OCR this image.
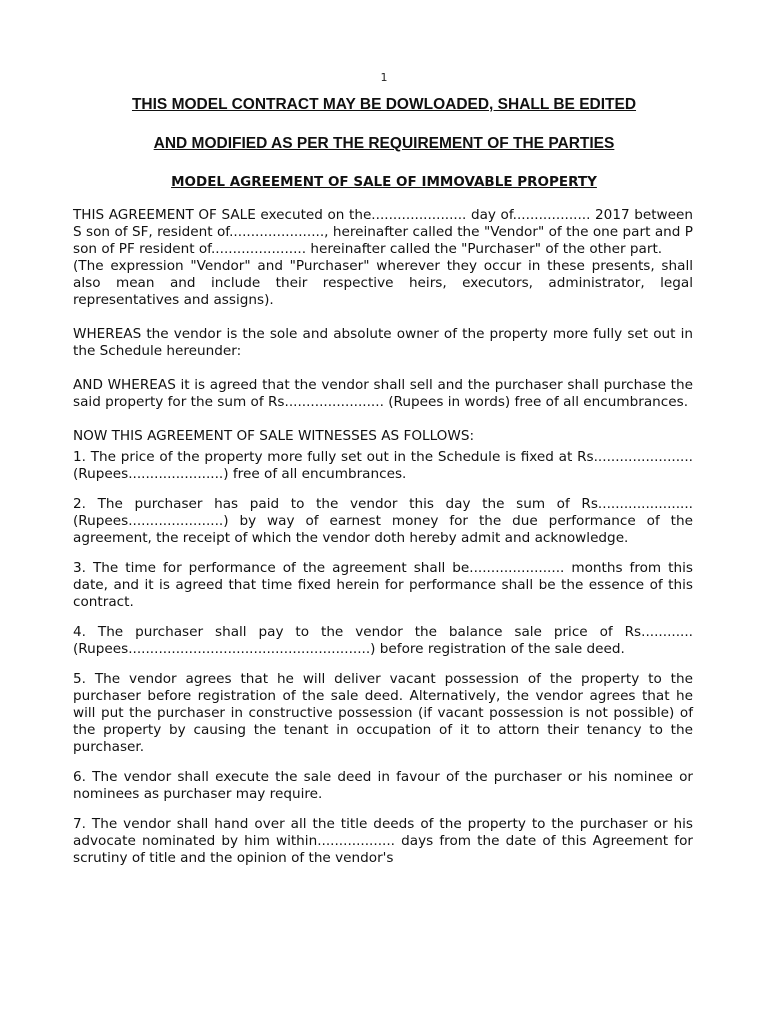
1
THIS MODEL CONTRACT MAY BE DOWLOADED, SHALL BE EDITED
AND MODIFIED AS PER THE REQUIREMENT OF THE PARTIES
MODEL AGREEMENT OF SALE OF IMMOVABLE PROPERTY

THIS AGREEMENT OF SALE executed on the...................... day of.................. 2017 between S son of SF, resident of......................, hereinafter called the "Vendor" of the one part and P son of PF resident of...................... hereinafter called the "Purchaser" of the other part.

(The expression "Vendor" and "Purchaser" wherever they occur in these presents, shall also mean and include their respective heirs, executors, administrator, legal representatives and assigns).

WHEREAS the vendor is the sole and absolute owner of the property more fully set out in the Schedule hereunder:

AND WHEREAS it is agreed that the vendor shall sell and the purchaser shall purchase the said property for the sum of Rs....................... (Rupees in words) free of all encumbrances.

NOW THIS AGREEMENT OF SALE WITNESSES AS FOLLOWS:

1. The price of the property more fully set out in the Schedule is fixed at Rs.......................(Rupees......................) free of all encumbrances.

2. The purchaser has paid to the vendor this day the sum of Rs...................... (Rupees......................) by way of earnest money for the due performance of the agreement, the receipt of which the vendor doth hereby admit and acknowledge.

3. The time for performance of the agreement shall be...................... months from this date, and it is agreed that time fixed herein for performance shall be the essence of this contract.

4. The purchaser shall pay to the vendor the balance sale price of Rs............ (Rupees........................................................) before registration of the sale deed.

5. The vendor agrees that he will deliver vacant possession of the property to the purchaser before registration of the sale deed. Alternatively, the vendor agrees that he will put the purchaser in constructive possession (if vacant possession is not possible) of the property by causing the tenant in occupation of it to attorn their tenancy to the purchaser.

6. The vendor shall execute the sale deed in favour of the purchaser or his nominee or nominees as purchaser may require.

7. The vendor shall hand over all the title deeds of the property to the purchaser or his advocate nominated by him within.................. days from the date of this Agreement for scrutiny of title and the opinion of the vendor's
